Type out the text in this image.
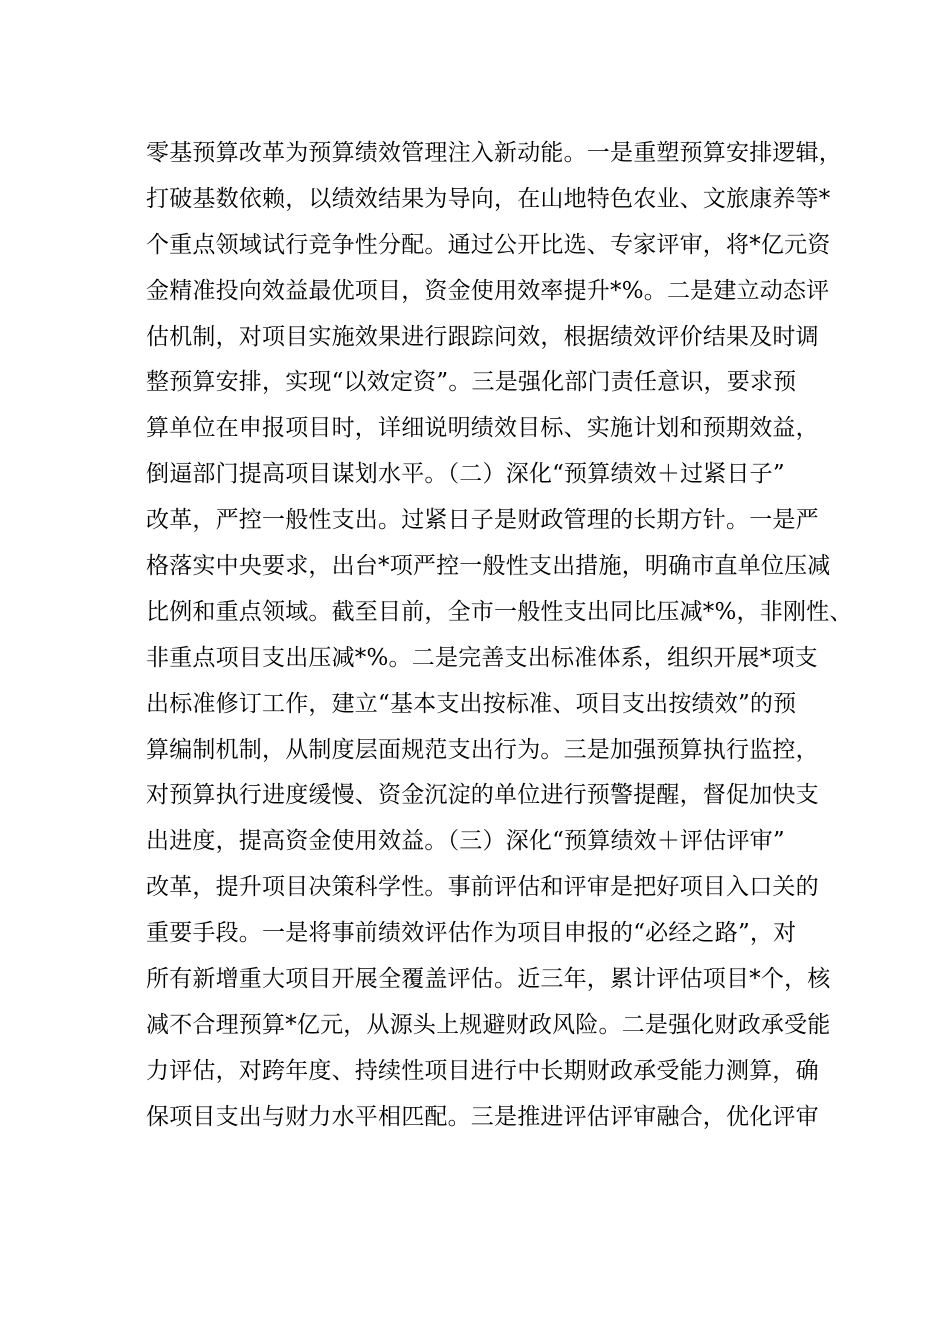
零基预算改革为预算绩效管理注入新动能。一是重塑预算安排逻辑，
打破基数依赖，以绩效结果为导向，在山地特色农业、文旅康养等*
个重点领域试行竞争性分配。通过公开比选、专家评审，将*亿元资
金精准投向效益最优项目，资金使用效率提升*%。二是建立动态评
估机制，对项目实施效果进行跟踪问效，根据绩效评价结果及时调
整预算安排，实现“以效定资”。三是强化部门责任意识，要求预
算单位在申报项目时，详细说明绩效目标、实施计划和预期效益，
倒逼部门提高项目谋划水平。（二）深化“预算绩效＋过紧日子”
改革，严控一般性支出。过紧日子是财政管理的长期方针。一是严
格落实中央要求，出台*项严控一般性支出措施，明确市直单位压减
比例和重点领域。截至目前，全市一般性支出同比压减*%，非刚性、
非重点项目支出压减*%。二是完善支出标准体系，组织开展*项支
出标准修订工作，建立“基本支出按标准、项目支出按绩效”的预
算编制机制，从制度层面规范支出行为。三是加强预算执行监控，
对预算执行进度缓慢、资金沉淀的单位进行预警提醒，督促加快支
出进度，提高资金使用效益。（三）深化“预算绩效＋评估评审”
改革，提升项目决策科学性。事前评估和评审是把好项目入口关的
重要手段。一是将事前绩效评估作为项目申报的“必经之路”，对
所有新增重大项目开展全覆盖评估。近三年，累计评估项目*个，核
减不合理预算*亿元，从源头上规避财政风险。二是强化财政承受能
力评估，对跨年度、持续性项目进行中长期财政承受能力测算，确
保项目支出与财力水平相匹配。三是推进评估评审融合，优化评审
